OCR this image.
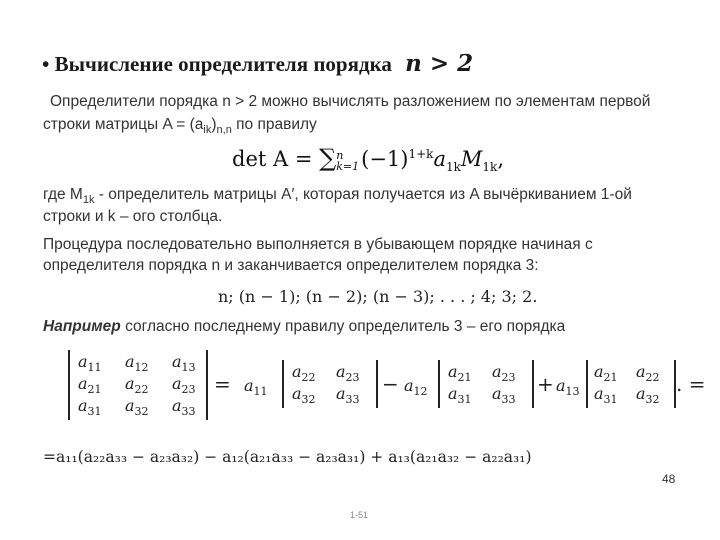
• Вычисление определителя порядка n > 2
Определители порядка n > 2 можно вычислять разложением по элементам первой
строки матрицы $A = (a_{ik})_{n,n}$ по правилу
det A = ∑ n
k=1 $(-1)^{1+k}a_{1k}M_{1k}$,
где $M_{1k}$ - определитель матрицы A′, которая получается из A вычёркиванием 1-ой
строки и k – ого столбца.
Процедура последовательно выполняется в убывающем порядке начиная с
определителя порядка n и заканчивается определителем порядка 3:
n; (n − 1); (n − 2); (n − 3); . . . ; 4; 3; 2.
Например согласно последнему правилу определитель 3 – его порядка
$a_{11}$ $a_{12}$ $a_{13}$
$a_{21}$ $a_{22}$ $a_{23}$
$a_{31}$ $a_{32}$ $a_{33}$
= $a_{11}$
$a_{22}$ $a_{23}$
$a_{32}$ $a_{33}$
− $a_{12}$
$a_{21}$ $a_{23}$
$a_{31}$ $a_{33}$
+ $a_{13}$
$a_{21}$ $a_{22}$
$a_{31}$ $a_{32}$
. =
=a₁₁(a₂₂a₃₃ − a₂₃a₃₂) − a₁₂(a₂₁a₃₃ − a₂₃a₃₁) + a₁₃(a₂₁a₃₂ − a₂₂a₃₁)
48
1-51
